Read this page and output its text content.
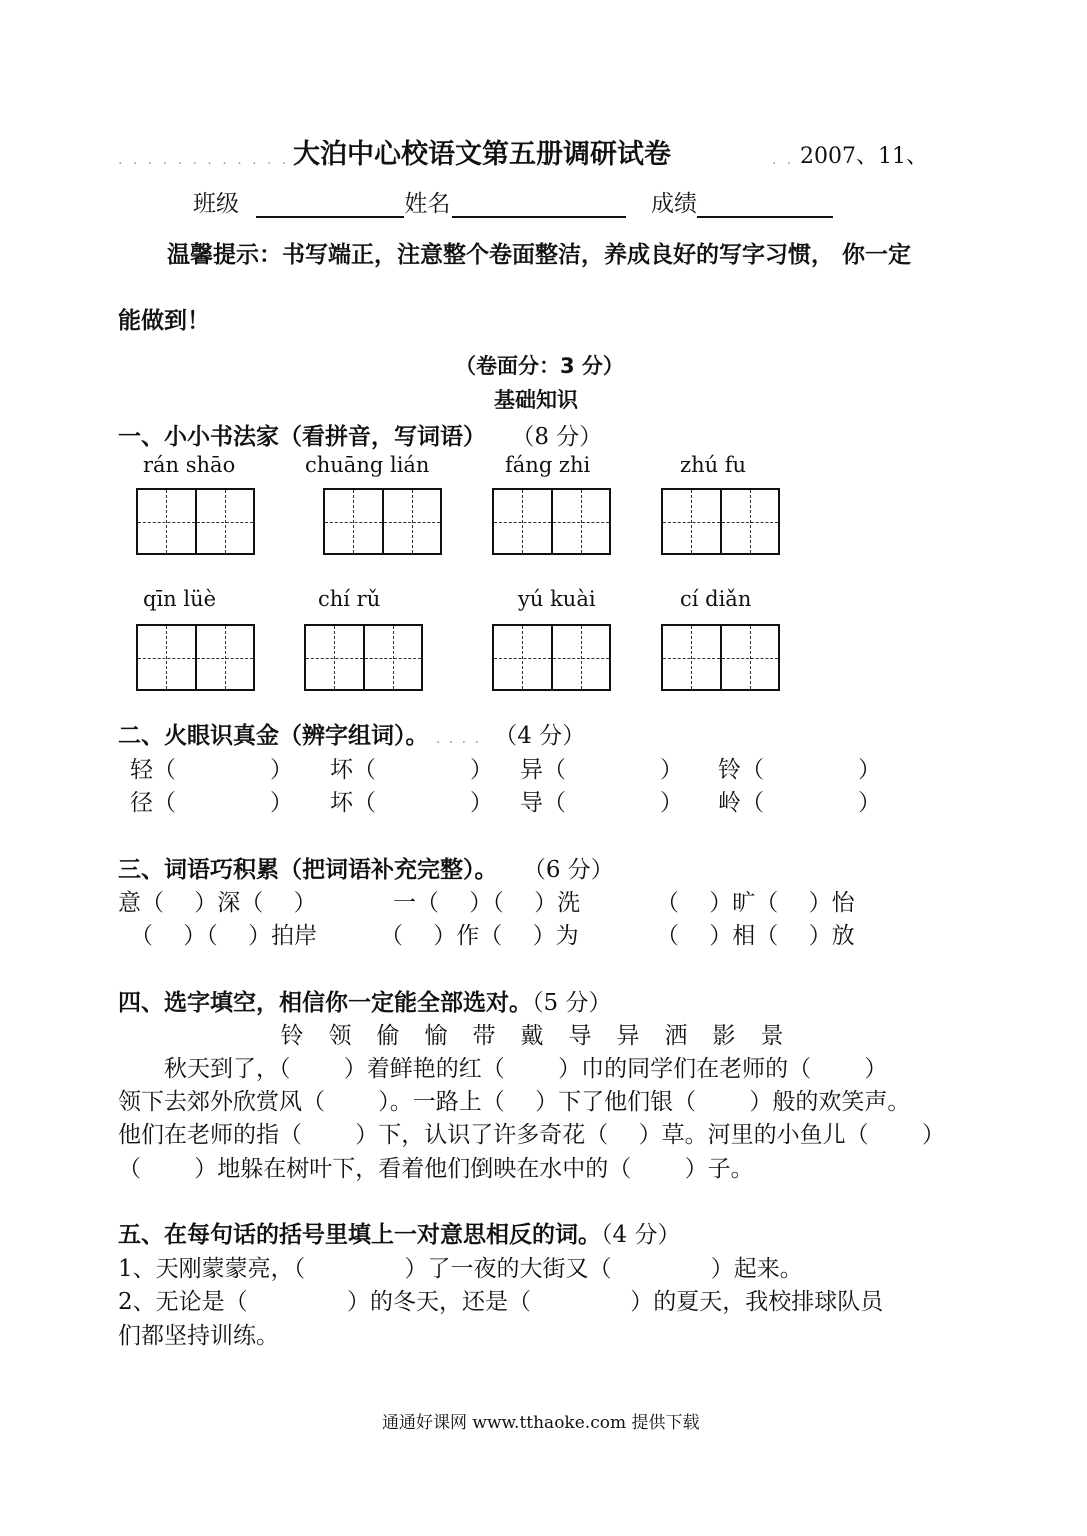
. . . . . . . . . . . . . . . . .
大泊中心校语文第五册调研试卷	. . 2007、11、
班级	姓名	成绩
温馨提示：书写端正，注意整个卷面整洁，养成良好的写字习惯， 你一定
能做到！
（卷面分：3 分）
基础知识
一、小小书法家（看拼音，写词语） （8 分）
rán shāo	chuāng lián	fáng zhi	zhú fu
qīn lüè	chí rǔ	yú kuài	cí diǎn
二、火眼识真金（辨字组词）。 . . . . （4 分）
轻（	） 坏（	） 异（	） 铃（	）
径（	） 坏（	） 导（	） 岭（	）
三、词语巧积累（把词语补充完整）。 （6 分）
意（　 ）深（　 ）	一（　 ）（　 ）洗	（　 ）旷（　 ）怡
（　 ）（　 ）拍岸	（　 ）作（　 ）为	（　 ）相（　 ）放
四、选字填空，相信你一定能全部选对。（5 分）
铃 领 偷 愉 带 戴 导 异 洒 影 景
　　秋天到了，（　　 ）着鲜艳的红（　　 ）巾的同学们在老师的（　　 ）
领下去郊外欣赏风（　　 ）。一路上（　 ）下了他们银（　　 ）般的欢笑声。
他们在老师的指（　　 ）下，认识了许多奇花（　 ）草。河里的小鱼儿（　　 ）
（　　 ）地躲在树叶下，看着他们倒映在水中的（　　 ）子。
五、在每句话的括号里填上一对意思相反的词。（4 分）
1、天刚蒙蒙亮，（　　　　 ）了一夜的大街又（　　　　 ）起来。
2、无论是（　　　　 ）的冬天，还是（　　　　 ）的夏天，我校排球队员
们都坚持训练。
通通好课网 www.tthaoke.com 提供下载
